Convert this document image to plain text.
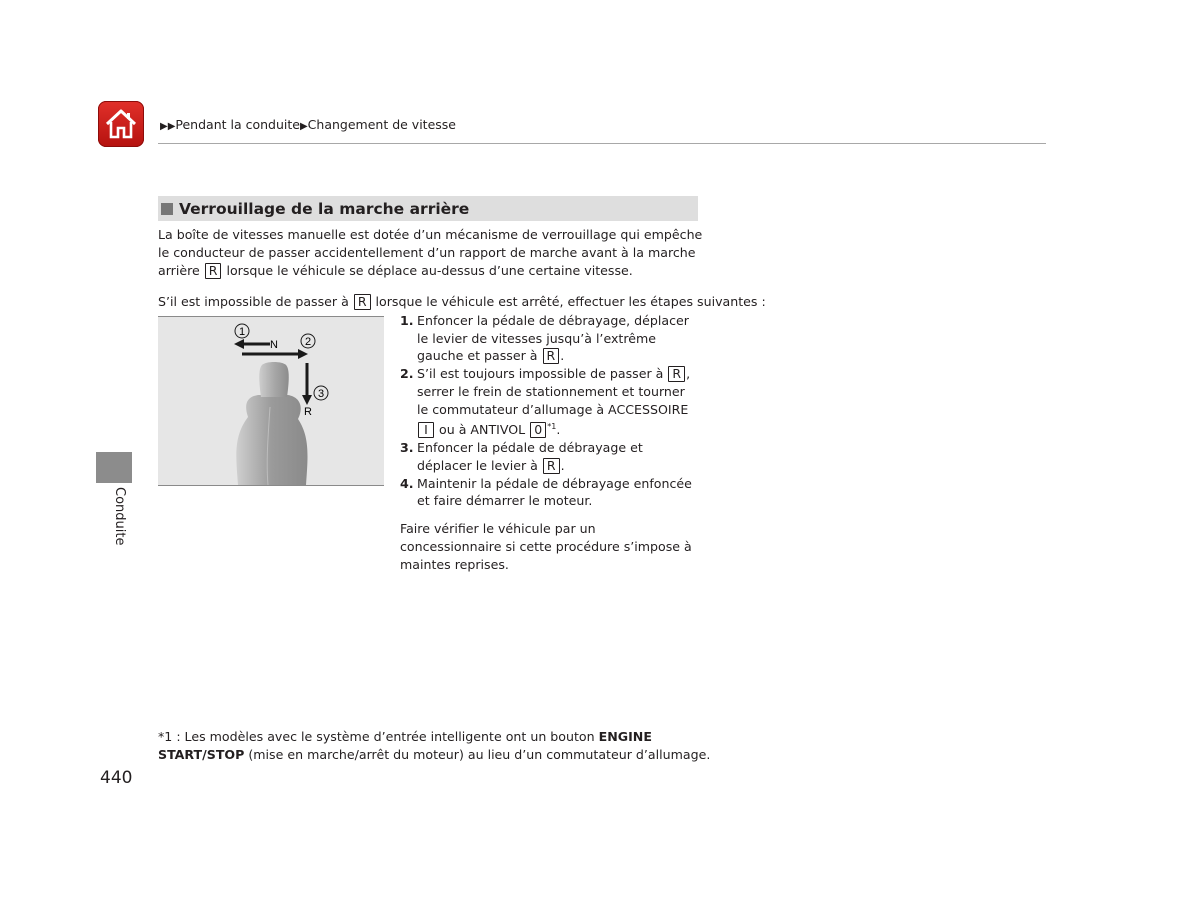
▶▶Pendant la conduite▶Changement de vitesse
Verrouillage de la marche arrière
La boîte de vitesses manuelle est dotée d’un mécanisme de verrouillage qui empêche le conducteur de passer accidentellement d’un rapport de marche avant à la marche arrière R lorsque le véhicule se déplace au-dessus d’une certaine vitesse.
S’il est impossible de passer à R lorsque le véhicule est arrêté, effectuer les étapes suivantes :
1
2
3
N
R
1. Enfoncer la pédale de débrayage, déplacer le levier de vitesses jusqu’à l’extrême gauche et passer à R .
2. S’il est toujours impossible de passer à R , serrer le frein de stationnement et tourner le commutateur d’allumage à ACCESSOIRE I ou à ANTIVOL 0 $^{*1}$.
3. Enfoncer la pédale de débrayage et déplacer le levier à R .
4. Maintenir la pédale de débrayage enfoncée et faire démarrer le moteur.
Faire vérifier le véhicule par un concessionnaire si cette procédure s’impose à maintes reprises.
Conduite
*1 : Les modèles avec le système d’entrée intelligente ont un bouton ENGINE START/STOP (mise en marche/arrêt du moteur) au lieu d’un commutateur d’allumage.
440
